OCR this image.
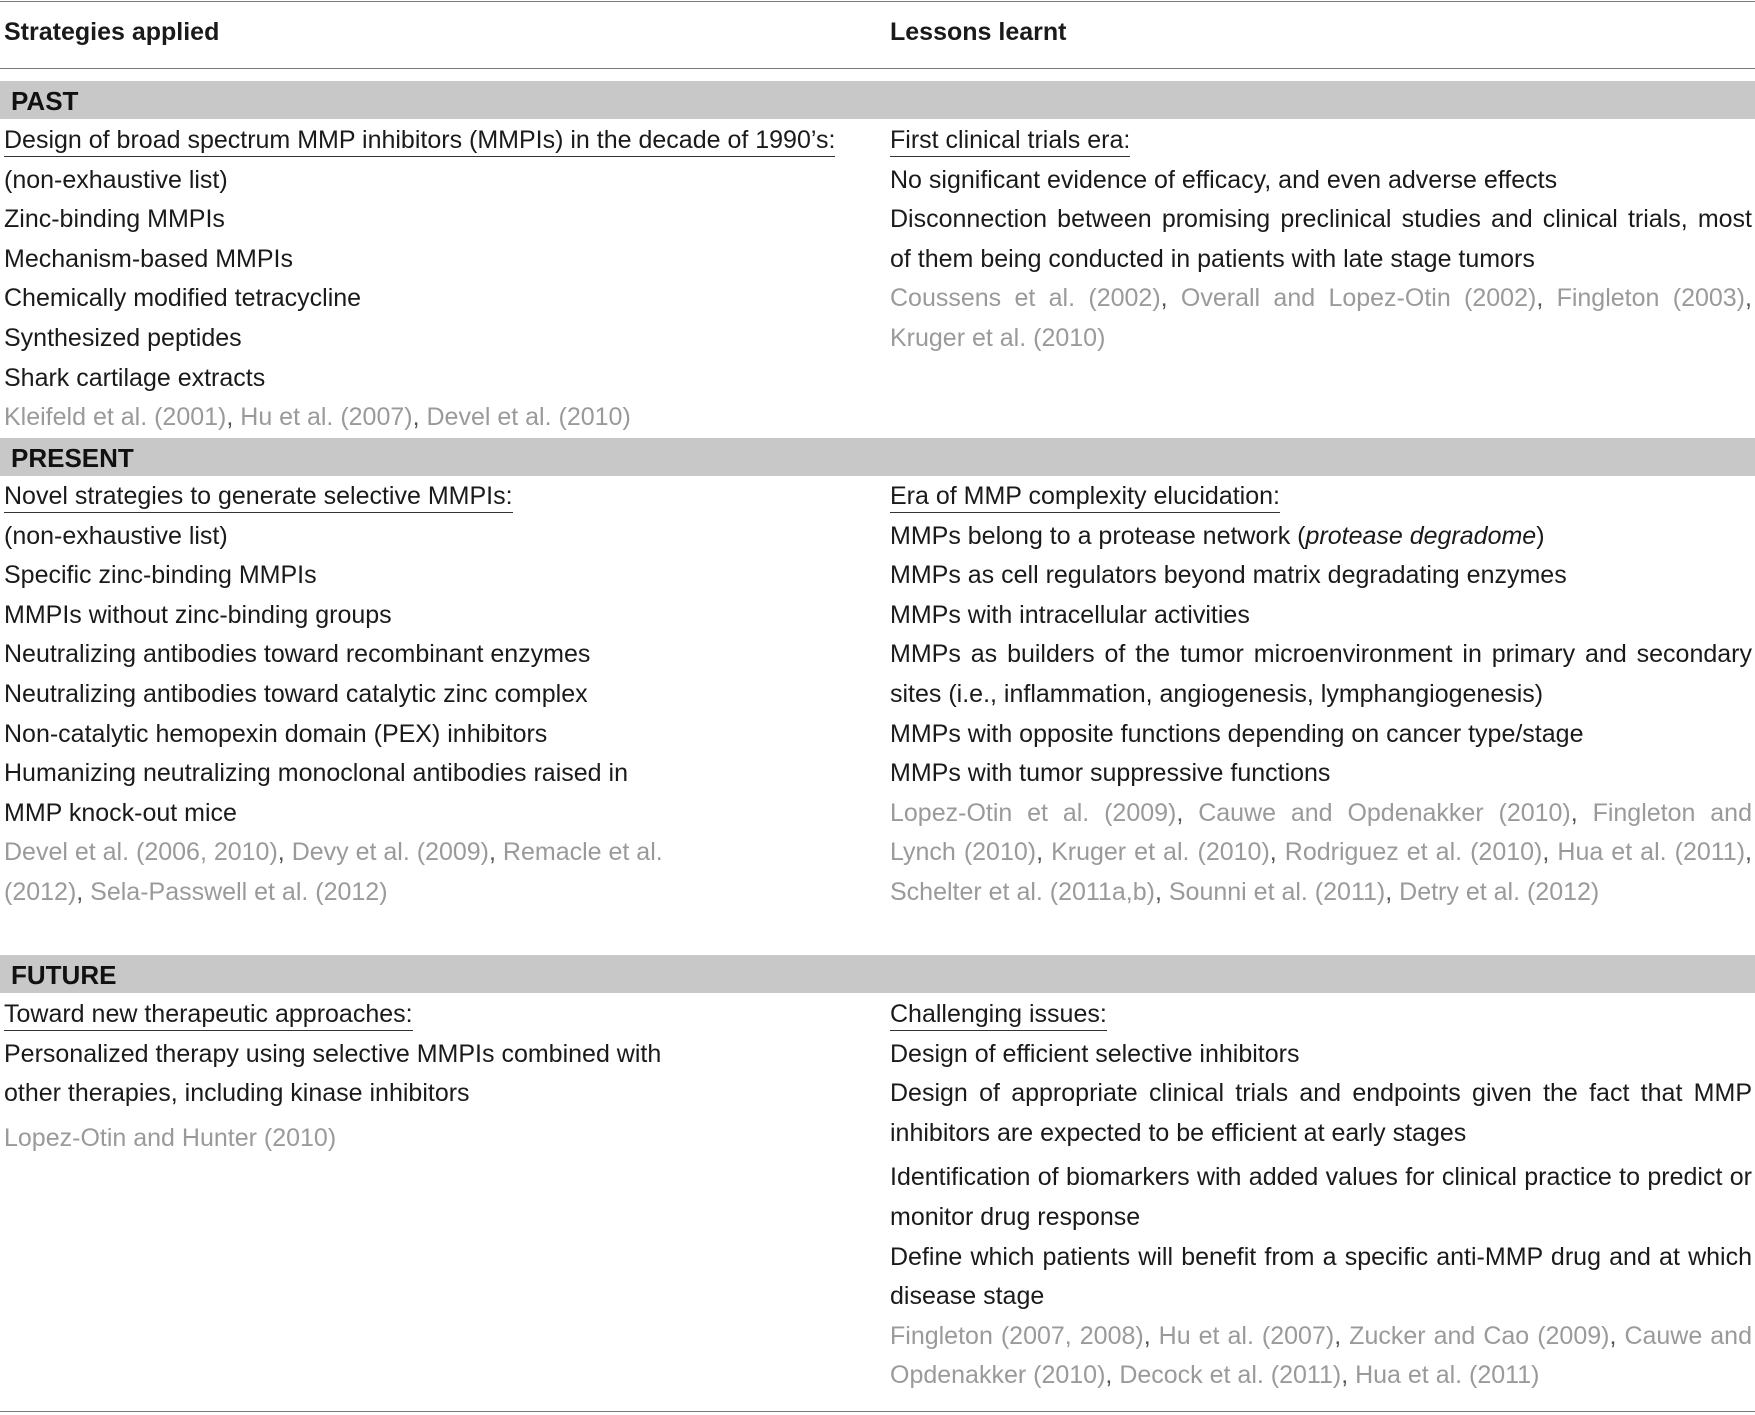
Strategies applied	Lessons learnt
PAST
Design of broad spectrum MMP inhibitors (MMPIs) in the decade of 1990’s:
(non-exhaustive list)
Zinc-binding MMPIs
Mechanism-based MMPIs
Chemically modified tetracycline
Synthesized peptides
Shark cartilage extracts
Kleifeld et al. (2001), Hu et al. (2007), Devel et al. (2010)
First clinical trials era:
No significant evidence of efficacy, and even adverse effects
Disconnection between promising preclinical studies and clinical trials, most of them being conducted in patients with late stage tumors
Coussens et al. (2002), Overall and Lopez-Otin (2002), Fingleton (2003), Kruger et al. (2010)
PRESENT
Novel strategies to generate selective MMPIs:
(non-exhaustive list)
Specific zinc-binding MMPIs
MMPIs without zinc-binding groups
Neutralizing antibodies toward recombinant enzymes
Neutralizing antibodies toward catalytic zinc complex
Non-catalytic hemopexin domain (PEX) inhibitors
Humanizing neutralizing monoclonal antibodies raised in
MMP knock-out mice
Devel et al. (2006, 2010), Devy et al. (2009), Remacle et al. (2012), Sela-Passwell et al. (2012)
Era of MMP complexity elucidation:
MMPs belong to a protease network (protease degradome)
MMPs as cell regulators beyond matrix degradating enzymes
MMPs with intracellular activities
MMPs as builders of the tumor microenvironment in primary and secondary sites (i.e., inflammation, angiogenesis, lymphangiogenesis)
MMPs with opposite functions depending on cancer type/stage
MMPs with tumor suppressive functions
Lopez-Otin et al. (2009), Cauwe and Opdenakker (2010), Fingleton and Lynch (2010), Kruger et al. (2010), Rodriguez et al. (2010), Hua et al. (2011), Schelter et al. (2011a,b), Sounni et al. (2011), Detry et al. (2012)
FUTURE
Toward new therapeutic approaches:
Personalized therapy using selective MMPIs combined with other therapies, including kinase inhibitors
Lopez-Otin and Hunter (2010)
Challenging issues:
Design of efficient selective inhibitors
Design of appropriate clinical trials and endpoints given the fact that MMP inhibitors are expected to be efficient at early stages
Identification of biomarkers with added values for clinical practice to predict or monitor drug response
Define which patients will benefit from a specific anti-MMP drug and at which disease stage
Fingleton (2007, 2008), Hu et al. (2007), Zucker and Cao (2009), Cauwe and Opdenakker (2010), Decock et al. (2011), Hua et al. (2011)
